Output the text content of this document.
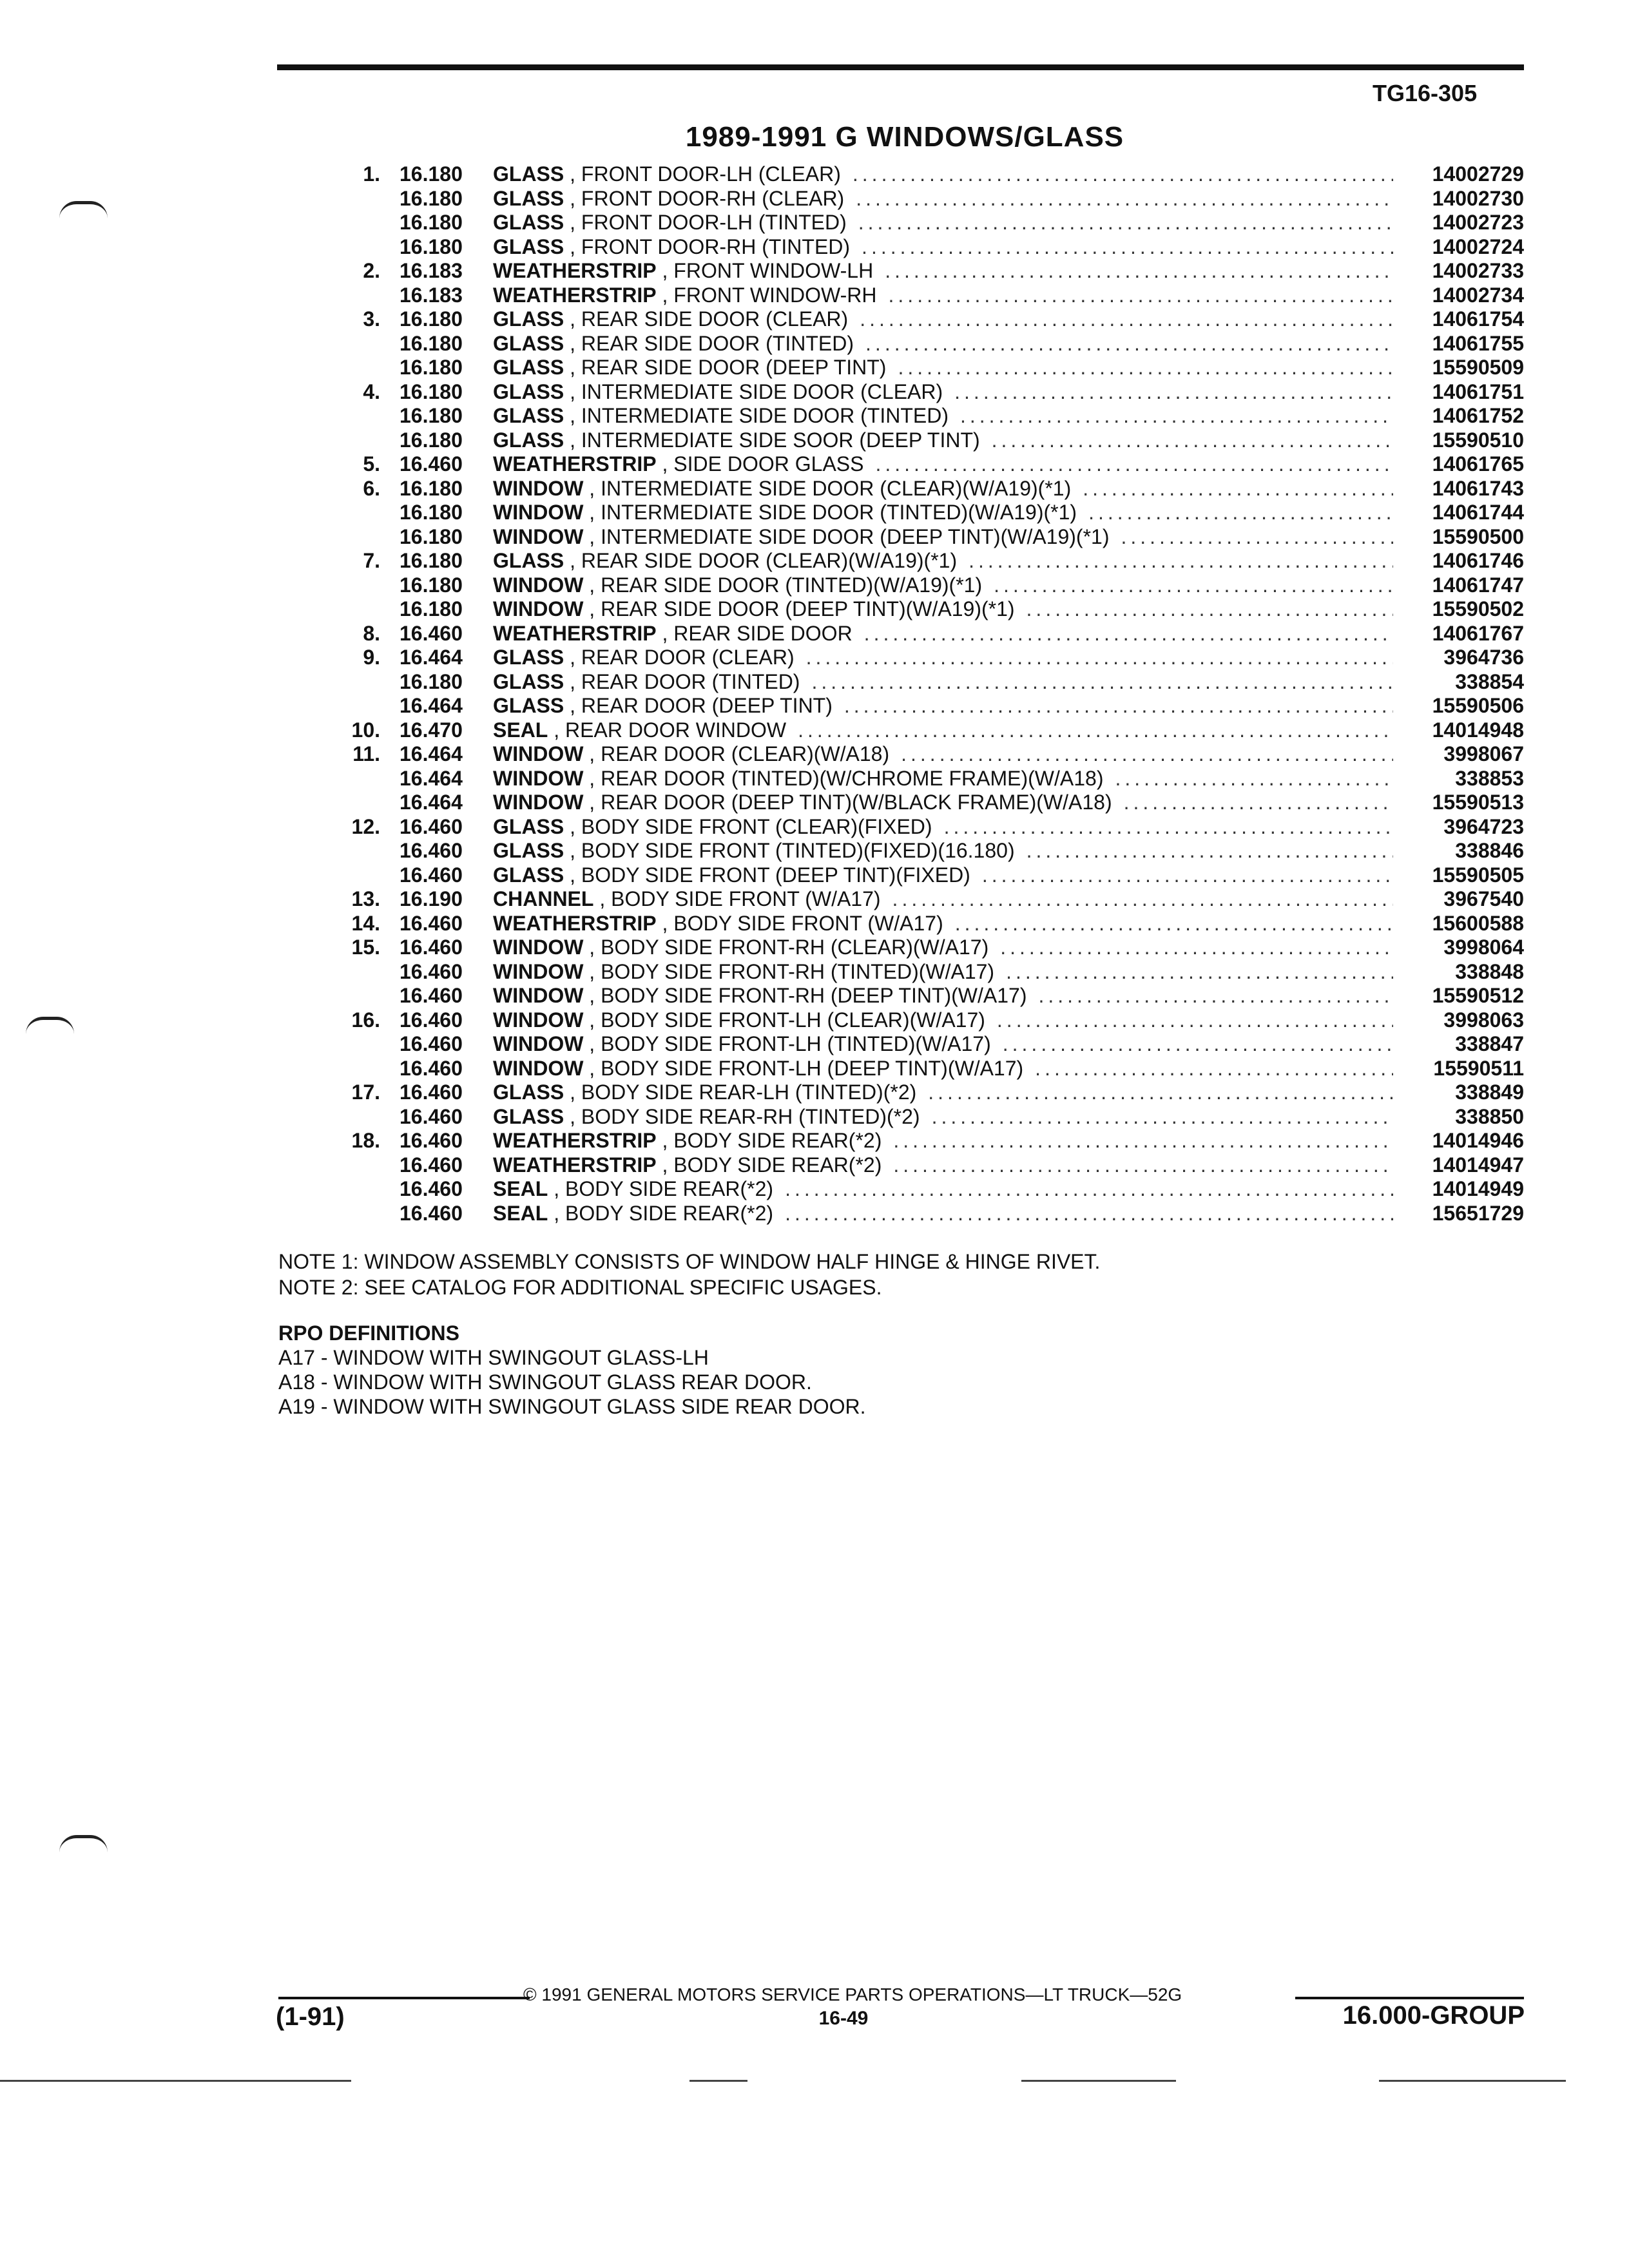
TG16-305
1989-1991 G WINDOWS/GLASS
1. 16.180	GLASS , FRONT DOOR-LH (CLEAR) .....	14002729
16.180	GLASS , FRONT DOOR-RH (CLEAR) .....	14002730
16.180	GLASS , FRONT DOOR-LH (TINTED) .....	14002723
16.180	GLASS , FRONT DOOR-RH (TINTED) .....	14002724
2. 16.183	WEATHERSTRIP , FRONT WINDOW-LH .....	14002733
16.183	WEATHERSTRIP , FRONT WINDOW-RH .....	14002734
3. 16.180	GLASS , REAR SIDE DOOR (CLEAR) .....	14061754
16.180	GLASS , REAR SIDE DOOR (TINTED) .....	14061755
16.180	GLASS , REAR SIDE DOOR (DEEP TINT) .....	15590509
4. 16.180	GLASS , INTERMEDIATE SIDE DOOR (CLEAR) .....	14061751
16.180	GLASS , INTERMEDIATE SIDE DOOR (TINTED) .....	14061752
16.180	GLASS , INTERMEDIATE SIDE SOOR (DEEP TINT) .....	15590510
5. 16.460	WEATHERSTRIP , SIDE DOOR GLASS .....	14061765
6. 16.180	WINDOW , INTERMEDIATE SIDE DOOR (CLEAR)(W/A19)(*1) .....	14061743
16.180	WINDOW , INTERMEDIATE SIDE DOOR (TINTED)(W/A19)(*1) .....	14061744
16.180	WINDOW , INTERMEDIATE SIDE DOOR (DEEP TINT)(W/A19)(*1) .....	15590500
7. 16.180	GLASS , REAR SIDE DOOR (CLEAR)(W/A19)(*1) .....	14061746
16.180	WINDOW , REAR SIDE DOOR (TINTED)(W/A19)(*1) .....	14061747
16.180	WINDOW , REAR SIDE DOOR (DEEP TINT)(W/A19)(*1) .....	15590502
8. 16.460	WEATHERSTRIP , REAR SIDE DOOR .....	14061767
9. 16.464	GLASS , REAR DOOR (CLEAR) .....	3964736
16.180	GLASS , REAR DOOR (TINTED) .....	338854
16.464	GLASS , REAR DOOR (DEEP TINT) .....	15590506
10. 16.470	SEAL , REAR DOOR WINDOW .....	14014948
11. 16.464	WINDOW , REAR DOOR (CLEAR)(W/A18) .....	3998067
16.464	WINDOW , REAR DOOR (TINTED)(W/CHROME FRAME)(W/A18) .....	338853
16.464	WINDOW , REAR DOOR (DEEP TINT)(W/BLACK FRAME)(W/A18) .....	15590513
12. 16.460	GLASS , BODY SIDE FRONT (CLEAR)(FIXED) .....	3964723
16.460	GLASS , BODY SIDE FRONT (TINTED)(FIXED)(16.180) .....	338846
16.460	GLASS , BODY SIDE FRONT (DEEP TINT)(FIXED) .....	15590505
13. 16.190	CHANNEL , BODY SIDE FRONT (W/A17) .....	3967540
14. 16.460	WEATHERSTRIP , BODY SIDE FRONT (W/A17) .....	15600588
15. 16.460	WINDOW , BODY SIDE FRONT-RH (CLEAR)(W/A17) .....	3998064
16.460	WINDOW , BODY SIDE FRONT-RH (TINTED)(W/A17) .....	338848
16.460	WINDOW , BODY SIDE FRONT-RH (DEEP TINT)(W/A17) .....	15590512
16. 16.460	WINDOW , BODY SIDE FRONT-LH (CLEAR)(W/A17) .....	3998063
16.460	WINDOW , BODY SIDE FRONT-LH (TINTED)(W/A17) .....	338847
16.460	WINDOW , BODY SIDE FRONT-LH (DEEP TINT)(W/A17) .....	15590511
17. 16.460	GLASS , BODY SIDE REAR-LH (TINTED)(*2) .....	338849
16.460	GLASS , BODY SIDE REAR-RH (TINTED)(*2) .....	338850
18. 16.460	WEATHERSTRIP , BODY SIDE REAR(*2) .....	14014946
16.460	WEATHERSTRIP , BODY SIDE REAR(*2) .....	14014947
16.460	SEAL , BODY SIDE REAR(*2) .....	14014949
16.460	SEAL , BODY SIDE REAR(*2) .....	15651729
NOTE 1: WINDOW ASSEMBLY CONSISTS OF WINDOW HALF HINGE & HINGE RIVET.
NOTE 2: SEE CATALOG FOR ADDITIONAL SPECIFIC USAGES.
RPO DEFINITIONS
A17 - WINDOW WITH SWINGOUT GLASS-LH
A18 - WINDOW WITH SWINGOUT GLASS REAR DOOR.
A19 - WINDOW WITH SWINGOUT GLASS SIDE REAR DOOR.
© 1991 GENERAL MOTORS SERVICE PARTS OPERATIONS—LT TRUCK—52G
(1-91)	16-49	16.000-GROUP
